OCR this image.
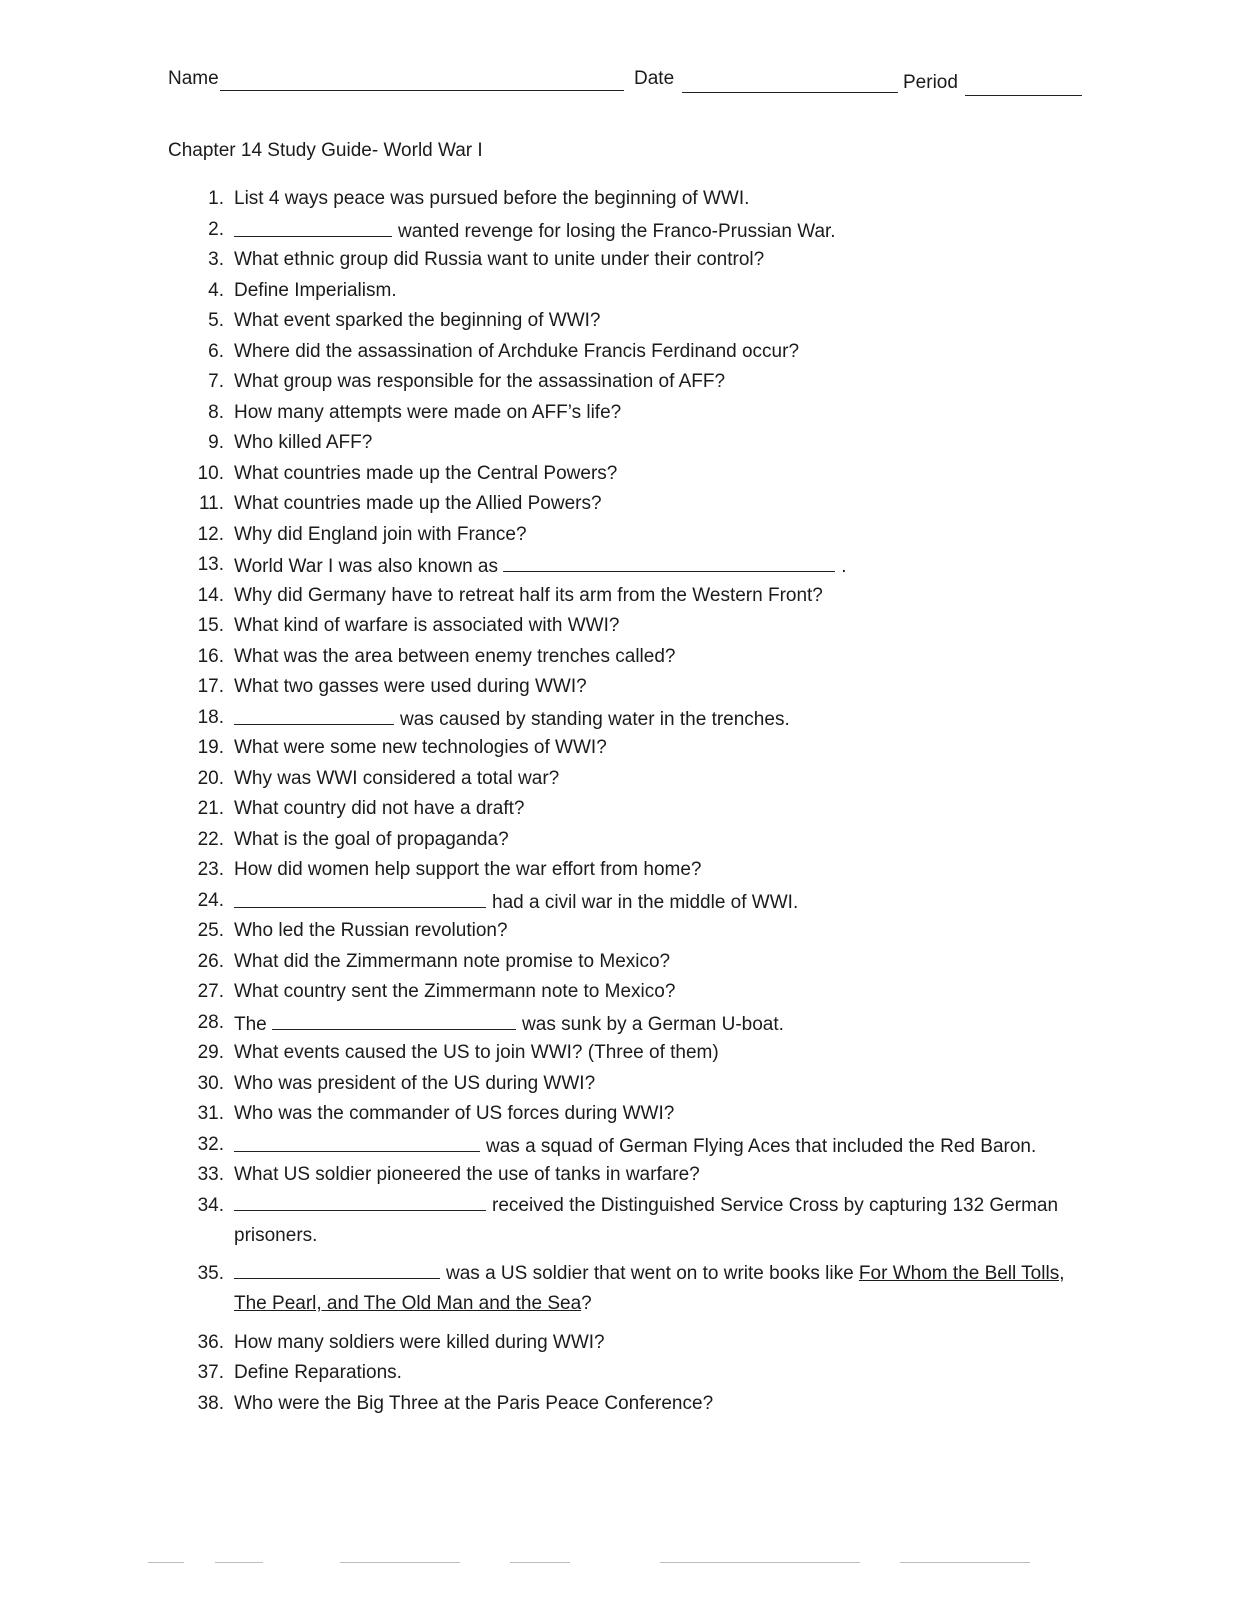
Name	Date	Period
Chapter 14 Study Guide- World War I
1. List 4 ways peace was pursued before the beginning of WWI.
2.	wanted revenge for losing the Franco-Prussian War.
3. What ethnic group did Russia want to unite under their control?
4. Define Imperialism.
5. What event sparked the beginning of WWI?
6. Where did the assassination of Archduke Francis Ferdinand occur?
7. What group was responsible for the assassination of AFF?
8. How many attempts were made on AFF’s life?
9. Who killed AFF?
10. What countries made up the Central Powers?
11. What countries made up the Allied Powers?
12. Why did England join with France?
13. World War I was also known as	.
14. Why did Germany have to retreat half its arm from the Western Front?
15. What kind of warfare is associated with WWI?
16. What was the area between enemy trenches called?
17. What two gasses were used during WWI?
18.	was caused by standing water in the trenches.
19. What were some new technologies of WWI?
20. Why was WWI considered a total war?
21. What country did not have a draft?
22. What is the goal of propaganda?
23. How did women help support the war effort from home?
24.	had a civil war in the middle of WWI.
25. Who led the Russian revolution?
26. What did the Zimmermann note promise to Mexico?
27. What country sent the Zimmermann note to Mexico?
28. The	was sunk by a German U-boat.
29. What events caused the US to join WWI? (Three of them)
30. Who was president of the US during WWI?
31. Who was the commander of US forces during WWI?
32.	was a squad of German Flying Aces that included the Red Baron.
33. What US soldier pioneered the use of tanks in warfare?
34.	received the Distinguished Service Cross by capturing 132 German prisoners.
35.	was a US soldier that went on to write books like For Whom the Bell Tolls, The Pearl, and The Old Man and the Sea?
36. How many soldiers were killed during WWI?
37. Define Reparations.
38. Who were the Big Three at the Paris Peace Conference?
